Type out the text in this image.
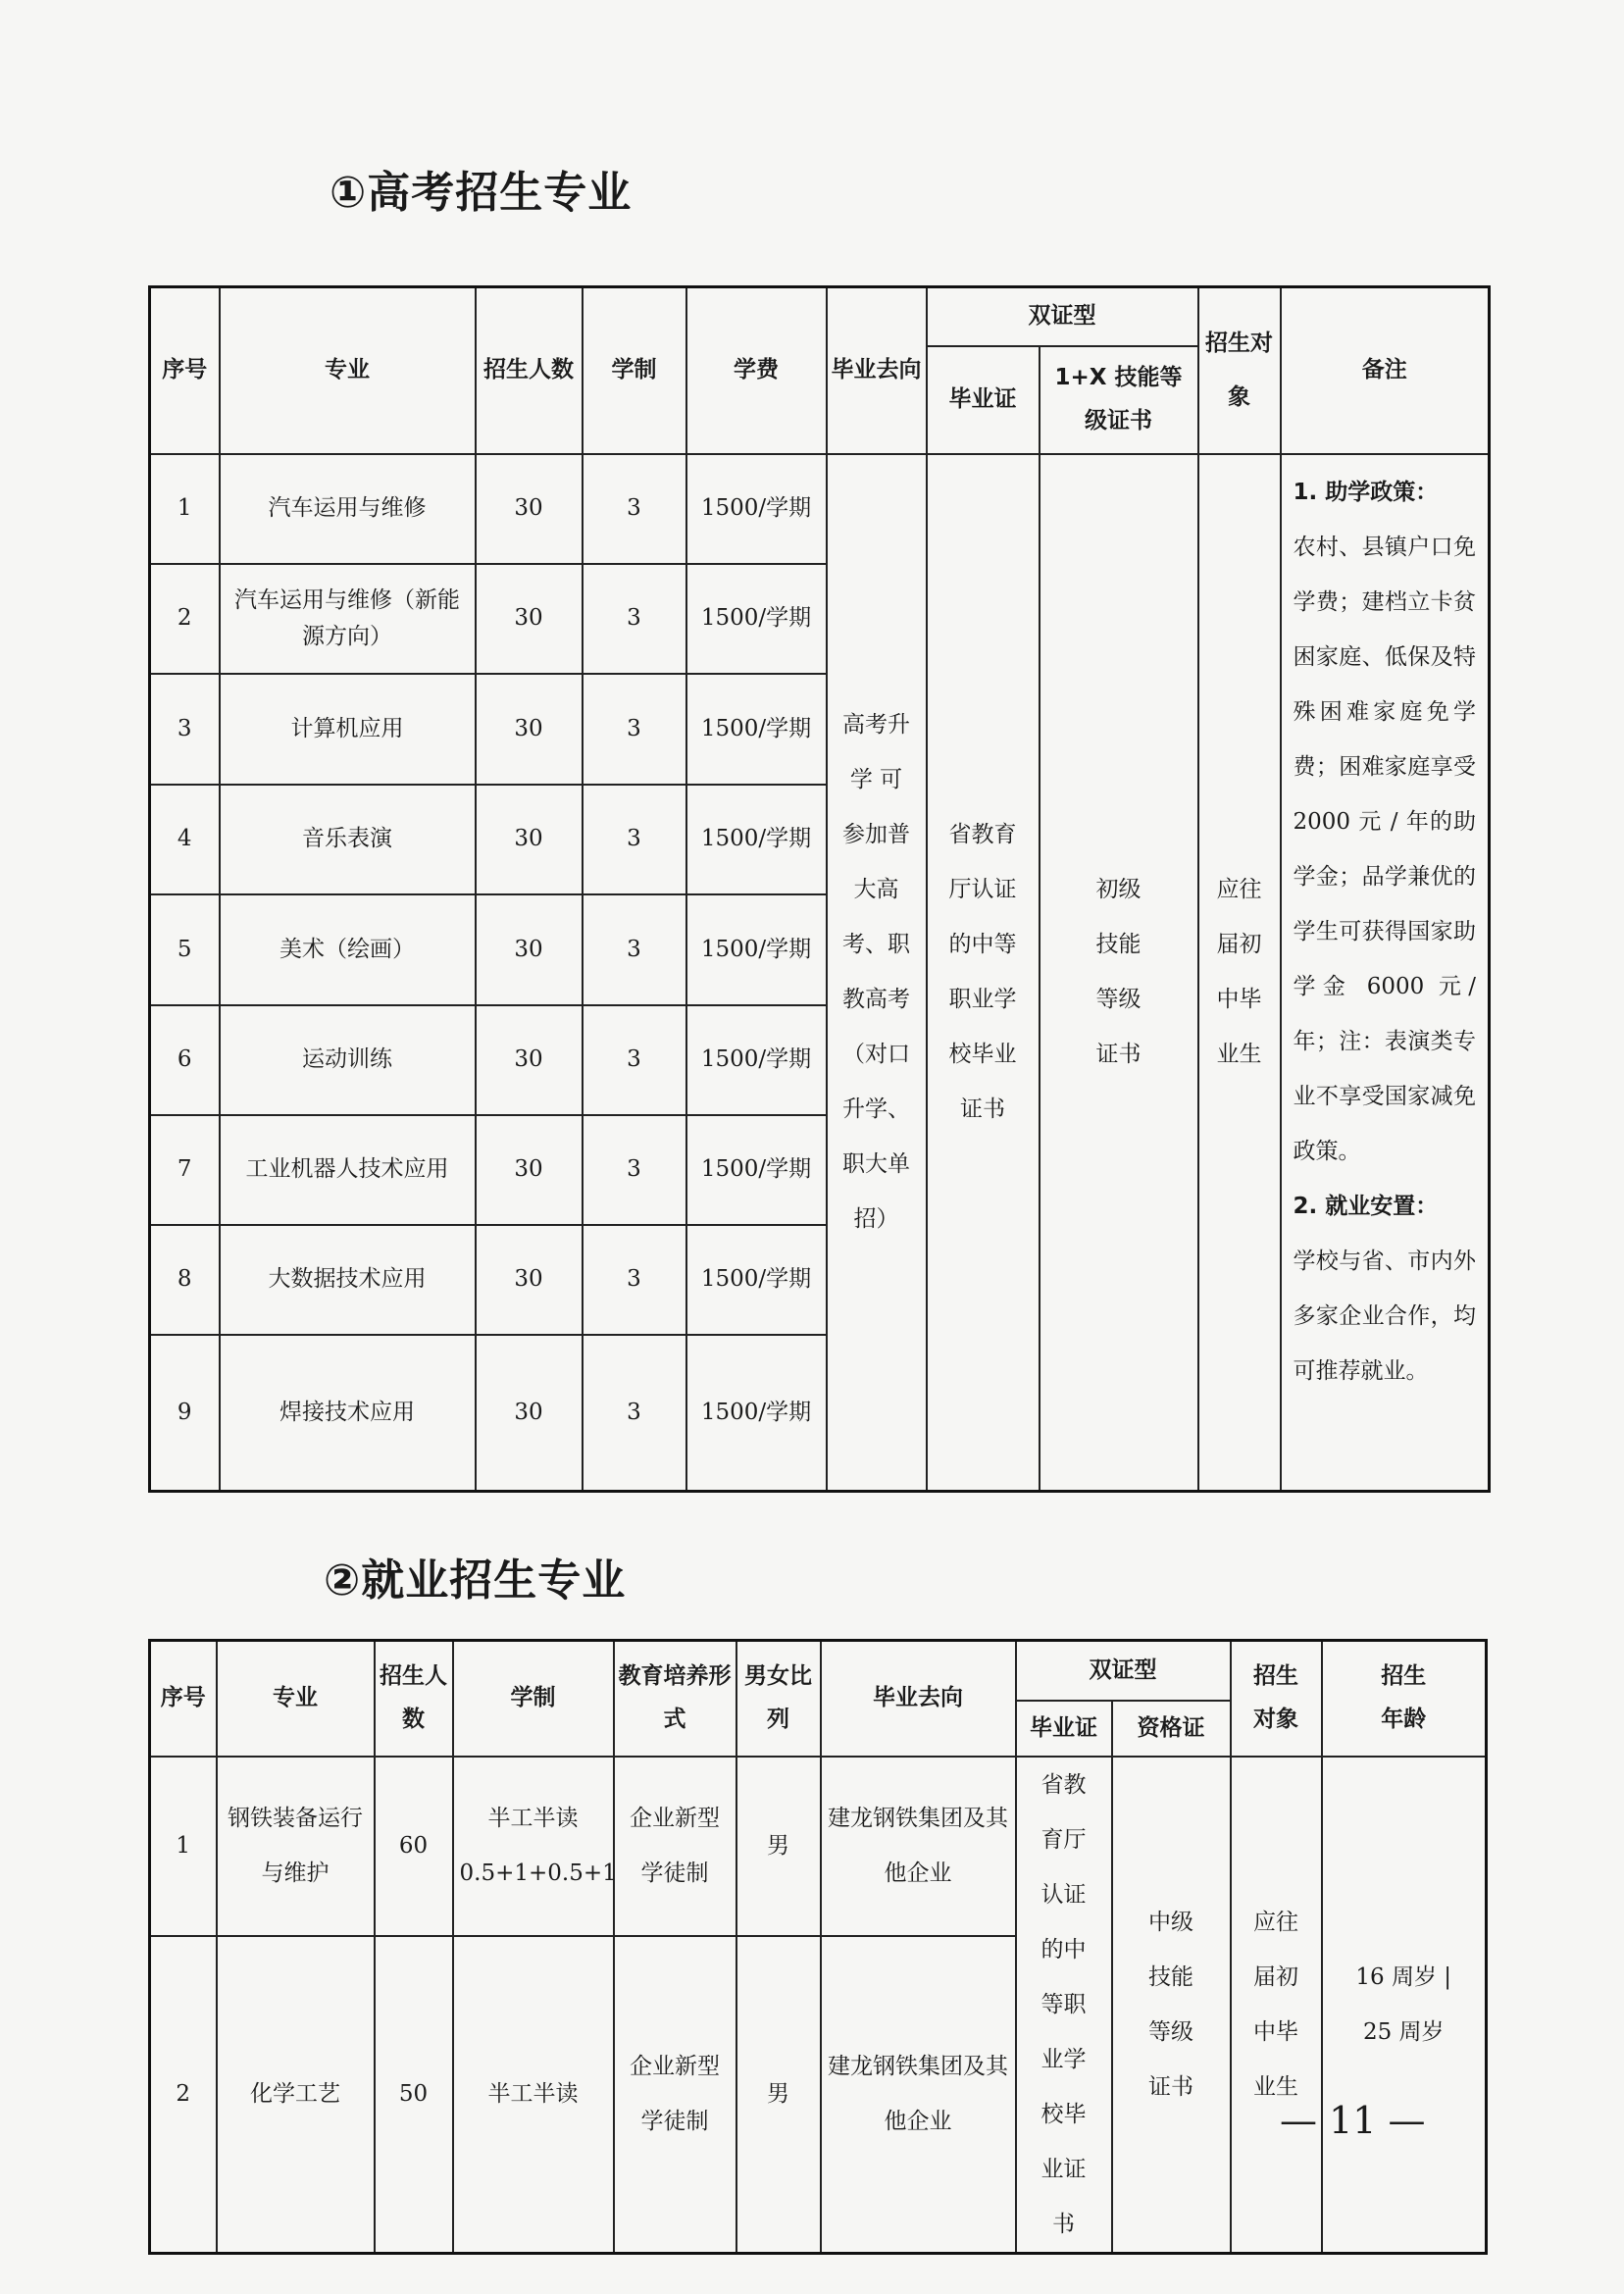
①高考招生专业
序号	专业	招生人数	学制	学费	毕业去向	双证型		招生对象	备注
						毕业证	1+X 技能等级证书		
1	汽车运用与维修	30	3	1500/学期	高考升学 可参加普大高考、职教高考（对口升学、职大单招）	省教育厅认证的中等职业学校毕业证书	初级技能等级证书	应往届初中毕业生	1. 助学政策：
农村、县镇户口免学费；建档立卡贫困家庭、低保及特殊困难家庭免学费；困难家庭享受 2000 元 / 年的助学金；品学兼优的学生可获得国家助学金 6000 元/年；注：表演类专业不享受国家减免政策。
2. 就业安置：
学校与省、市内外多家企业合作，均可推荐就业。
2	汽车运用与维修（新能源方向）	30	3	1500/学期					
3	计算机应用	30	3	1500/学期					
4	音乐表演	30	3	1500/学期					
5	美术（绘画）	30	3	1500/学期					
6	运动训练	30	3	1500/学期					
7	工业机器人技术应用	30	3	1500/学期					
8	大数据技术应用	30	3	1500/学期					
9	焊接技术应用	30	3	1500/学期					
②就业招生专业
序号	专业	招生人数	学制	教育培养形式	男女比列	毕业去向	双证型		招生对象	招生年龄
							毕业证	资格证		
1	钢铁装备运行与维护	60	半工半读 0.5+1+0.5+1	企业新型学徒制	男	建龙钢铁集团及其他企业	省教育厅认证的中等职业学校毕业证书	中级技能等级证书	应往届初中毕业生	16 周岁 | 25 周岁
2	化学工艺	50	半工半读	企业新型学徒制	男	建龙钢铁集团及其他企业					— 11 —
